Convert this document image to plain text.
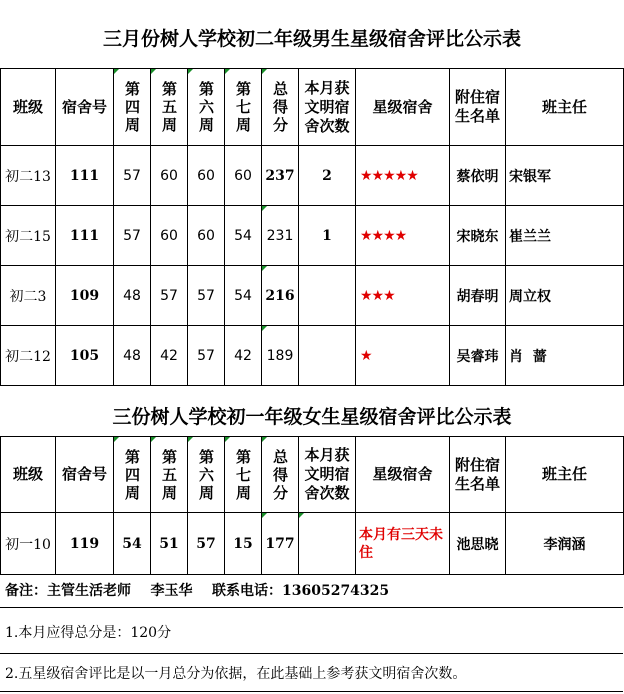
三月份树人学校初二年级男生星级宿舍评比公示表
班级	宿舍号	第四周	第五周	第六周	第七周	总得分	本月获文明宿舍次数	星级宿舍	附住宿生名单	班主任
初二13	111	57	60	60	60	237	2	★★★★★	蔡依明	宋银军
初二15	111	57	60	60	54	231	1	★★★★	宋晓东	崔兰兰
初二3	109	48	57	57	54	216		★★★	胡春明	周立权
初二12	105	48	42	57	42	189		★	吴睿玮	肖  蔷
三份树人学校初一年级女生星级宿舍评比公示表
班级	宿舍号	第四周	第五周	第六周	第七周	总得分	本月获文明宿舍次数	星级宿舍	附住宿生名单	班主任
初一10	119	54	51	57	15	177		本月有三天未住	池思晓	李润涵
备注：主管生活老师    李玉华    联系电话：13605274325
1.本月应得总分是：120分
2.五星级宿舍评比是以一月总分为依据，在此基础上参考获文明宿舍次数。
